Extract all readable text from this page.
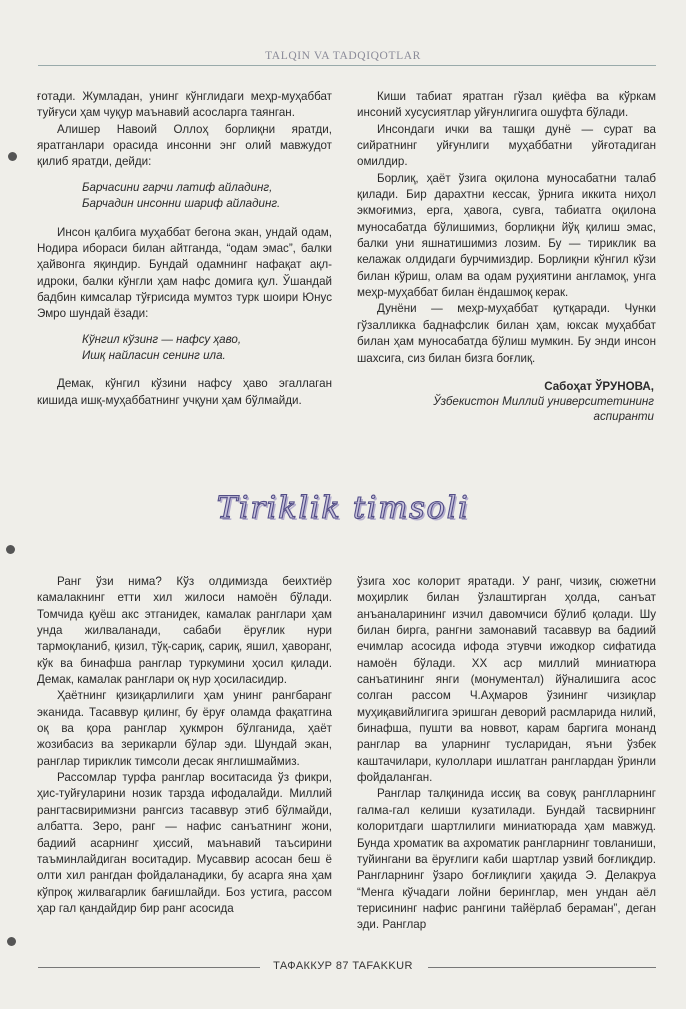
TALQIN VA TADQIQOTLAR

ғотади. Жумладан, унинг кўнглидаги меҳр-муҳаббат туйғуси ҳам чуқур маънавий асосларга таянган.

Алишер Навоий Оллоҳ борлиқни яратди, яратганлари орасида инсонни энг олий мавжудот қилиб яратди, дейди:

Барчасини гарчи латиф айладинг,
Барчадин инсонни шариф айладинг.

Инсон қалбига муҳаббат бегона экан, ундай одам, Нодира ибораси билан айтганда, “одам эмас”, балки ҳайвонга яқиндир. Бундай одамнинг нафақат ақл-идроки, балки кўнгли ҳам нафс домига қул. Ўшандай бадбин кимсалар тўғрисида мумтоз турк шоири Юнус Эмро шундай ёзади:

Кўнгил кўзинг — нафсу ҳаво,
Ишқ найласин сенинг ила.

Демак, кўнгил кўзини нафсу ҳаво эгаллаган кишида ишқ-муҳаббатнинг учқуни ҳам бўлмайди.

Киши табиат яратган гўзал қиёфа ва кўркам инсоний хусусиятлар уйғунлигига ошуфта бўлади.

Инсондаги ички ва ташқи дунё — сурат ва сийратнинг уйғунлиги муҳаббатни уйғотадиган омилдир.

Борлиқ, ҳаёт ўзига оқилона муносабатни талаб қилади. Бир дарахтни кессак, ўрнига иккита ниҳол экмоғимиз, ерга, ҳавога, сувга, табиатга оқилона муносабатда бўлишимиз, борлиқни йўқ қилиш эмас, балки уни яшнатишимиз лозим. Бу — тириклик ва келажак олдидаги бурчимиздир. Борлиқни кўнгил кўзи билан кўриш, олам ва одам руҳиятини англамоқ, унга меҳр-муҳаббат билан ёндашмоқ керак.

Дунёни — меҳр-муҳаббат қутқаради. Чунки гўзалликка баднафслик билан ҳам, юксак муҳаббат билан ҳам муносабатда бўлиш мумкин. Бу энди инсон шахсига, сиз билан бизга боғлиқ.

Сабоҳат ЎРУНОВА,
Ўзбекистон Миллий университетининг
аспиранти
Tiriklik timsoli

Ранг ўзи нима? Кўз олдимизда беихтиёр камалакнинг етти хил жилоси намоён бўлади. Томчида қуёш акс этганидек, камалак ранглари ҳам унда жилваланади, сабаби ёруғлик нури тармоқланиб, қизил, тўқ-сариқ, сариқ, яшил, ҳаворанг, кўк ва бинафша ранглар туркумини ҳосил қилади. Демак, камалак ранглари оқ нур ҳосиласидир.

Ҳаётнинг қизиқарлилиги ҳам унинг рангбаранг эканида. Тасаввур қилинг, бу ёруғ оламда фақатгина оқ ва қора ранглар ҳукмрон бўлганида, ҳаёт жозибасиз ва зерикарли бўлар эди. Шундай экан, ранглар тириклик тимсоли десак янглишмаймиз.

Рассомлар турфа ранглар воситасида ўз фикри, ҳис-туйғуларини нозик тарзда ифодалайди. Миллий рангтасвиримизни рангсиз тасаввур этиб бўлмайди, албатта. Зеро, ранг — нафис санъатнинг жони, бадиий асарнинг ҳиссий, маънавий таъсирини таъминлайдиган воситадир. Мусаввир асосан беш ё олти хил рангдан фойдаланадики, бу асарга яна ҳам кўпроқ жилвагарлик бағишлайди. Боз устига, рассом ҳар гал қандайдир бир ранг асосида

ўзига хос колорит яратади. У ранг, чизиқ, сюжетни моҳирлик билан ўзлаштирган ҳолда, санъат анъаналарининг изчил давомчиси бўлиб қолади. Шу билан бирга, рангни замонавий тасаввур ва бадиий ечимлар асосида ифода этувчи ижодкор сифатида намоён бўлади. XX аср миллий миниатюра санъатининг янги (монументал) йўналишига асос солган рассом Ч.Аҳмаров ўзининг чизиқлар муҳиқавийлигига эришган деворий расмларида нилий, бинафша, пушти ва новвот, карам баргига монанд ранглар ва уларнинг тусларидан, яъни ўзбек каштачилари, кулоллари ишлатган ранглардан ўринли фойдаланган.

Ранглар талқинида иссиқ ва совуқ ранглларнинг галма-гал келиши кузатилади. Бундай тасвирнинг колоритдаги шартлилиги миниатюрада ҳам мавжуд. Бунда хроматик ва ахроматик рангларнинг товланиши, туйингани ва ёруғлиги каби шартлар узвий боғлиқдир. Рангларнинг ўзаро боғлиқлиги ҳақида Э. Делакруа “Менга кўчадаги лойни беринглар, мен ундан аёл терисининг нафис рангини тайёрлаб бераман”, деган эди. Ранглар

ТАФАККУР 87 TAFAKKUR
